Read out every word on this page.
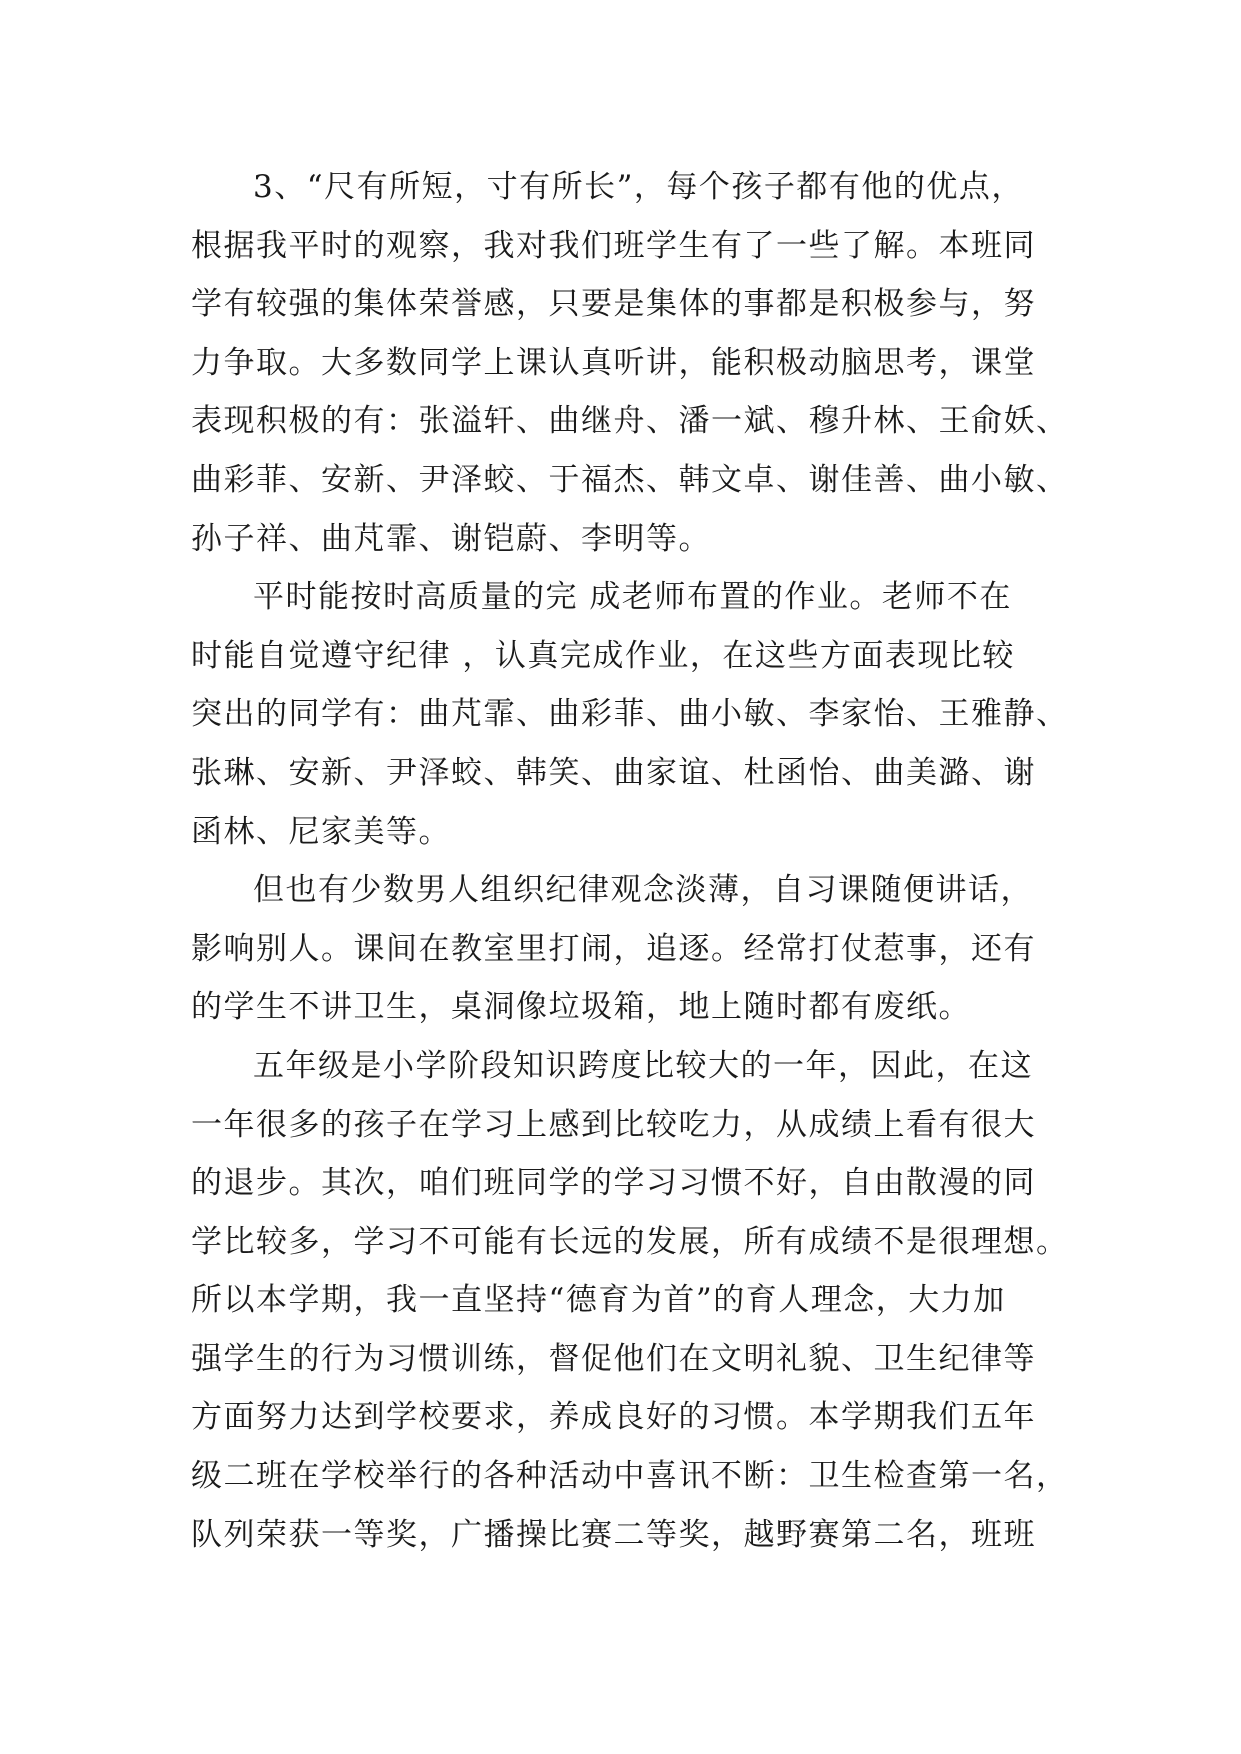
3、“尺有所短，寸有所长”，每个孩子都有他的优点，
根据我平时的观察，我对我们班学生有了一些了解。本班同
学有较强的集体荣誉感，只要是集体的事都是积极参与，努
力争取。大多数同学上课认真听讲，能积极动脑思考，课堂
表现积极的有：张溢轩、曲继舟、潘一斌、穆升林、王俞妖、
曲彩菲、安新、尹泽蛟、于福杰、韩文卓、谢佳善、曲小敏、
孙子祥、曲芃霏、谢铠蔚、李明等。
平时能按时高质量的完 成老师布置的作业。老师不在
时能自觉遵守纪律 ，认真完成作业，在这些方面表现比较
突出的同学有：曲芃霏、曲彩菲、曲小敏、李家怡、王雅静、
张琳、安新、尹泽蛟、韩笑、曲家谊、杜函怡、曲美潞、谢
函林、尼家美等。
但也有少数男人组织纪律观念淡薄，自习课随便讲话，
影响别人。课间在教室里打闹，追逐。经常打仗惹事，还有
的学生不讲卫生，桌洞像垃圾箱，地上随时都有废纸。
五年级是小学阶段知识跨度比较大的一年，因此，在这
一年很多的孩子在学习上感到比较吃力，从成绩上看有很大
的退步。其次，咱们班同学的学习习惯不好，自由散漫的同
学比较多，学习不可能有长远的发展，所有成绩不是很理想。
所以本学期，我一直坚持“德育为首”的育人理念，大力加
强学生的行为习惯训练，督促他们在文明礼貌、卫生纪律等
方面努力达到学校要求，养成良好的习惯。本学期我们五年
级二班在学校举行的各种活动中喜讯不断：卫生检查第一名，
队列荣获一等奖，广播操比赛二等奖，越野赛第二名，班班
